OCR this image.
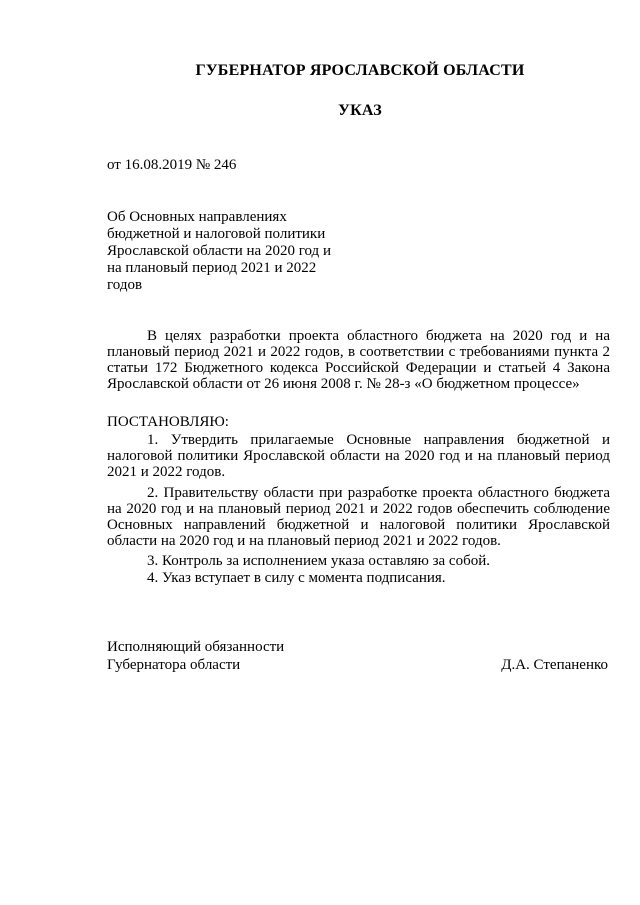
ГУБЕРНАТОР ЯРОСЛАВСКОЙ ОБЛАСТИ
УКАЗ
от 16.08.2019 № 246
Об Основных направлениях
бюджетной и налоговой политики
Ярославской области на 2020 год и
на плановый период 2021 и 2022
годов
В целях разработки проекта областного бюджета на 2020 год и на плановый период 2021 и 2022 годов, в соответствии с требованиями пункта 2 статьи 172 Бюджетного кодекса Российской Федерации и статьей 4 Закона Ярославской области от 26 июня 2008 г. № 28-з «О бюджетном процессе»
ПОСТАНОВЛЯЮ:
1. Утвердить прилагаемые Основные направления бюджетной и налоговой политики Ярославской области на 2020 год и на плановый период 2021 и 2022 годов.
2. Правительству области при разработке проекта областного бюджета на 2020 год и на плановый период 2021 и 2022 годов обеспечить соблюдение Основных направлений бюджетной и налоговой политики Ярославской области на 2020 год и на плановый период 2021 и 2022 годов.
3. Контроль за исполнением указа оставляю за собой.
4. Указ вступает в силу с момента подписания.
Исполняющий обязанности
Губернатора области	Д.А. Степаненко
